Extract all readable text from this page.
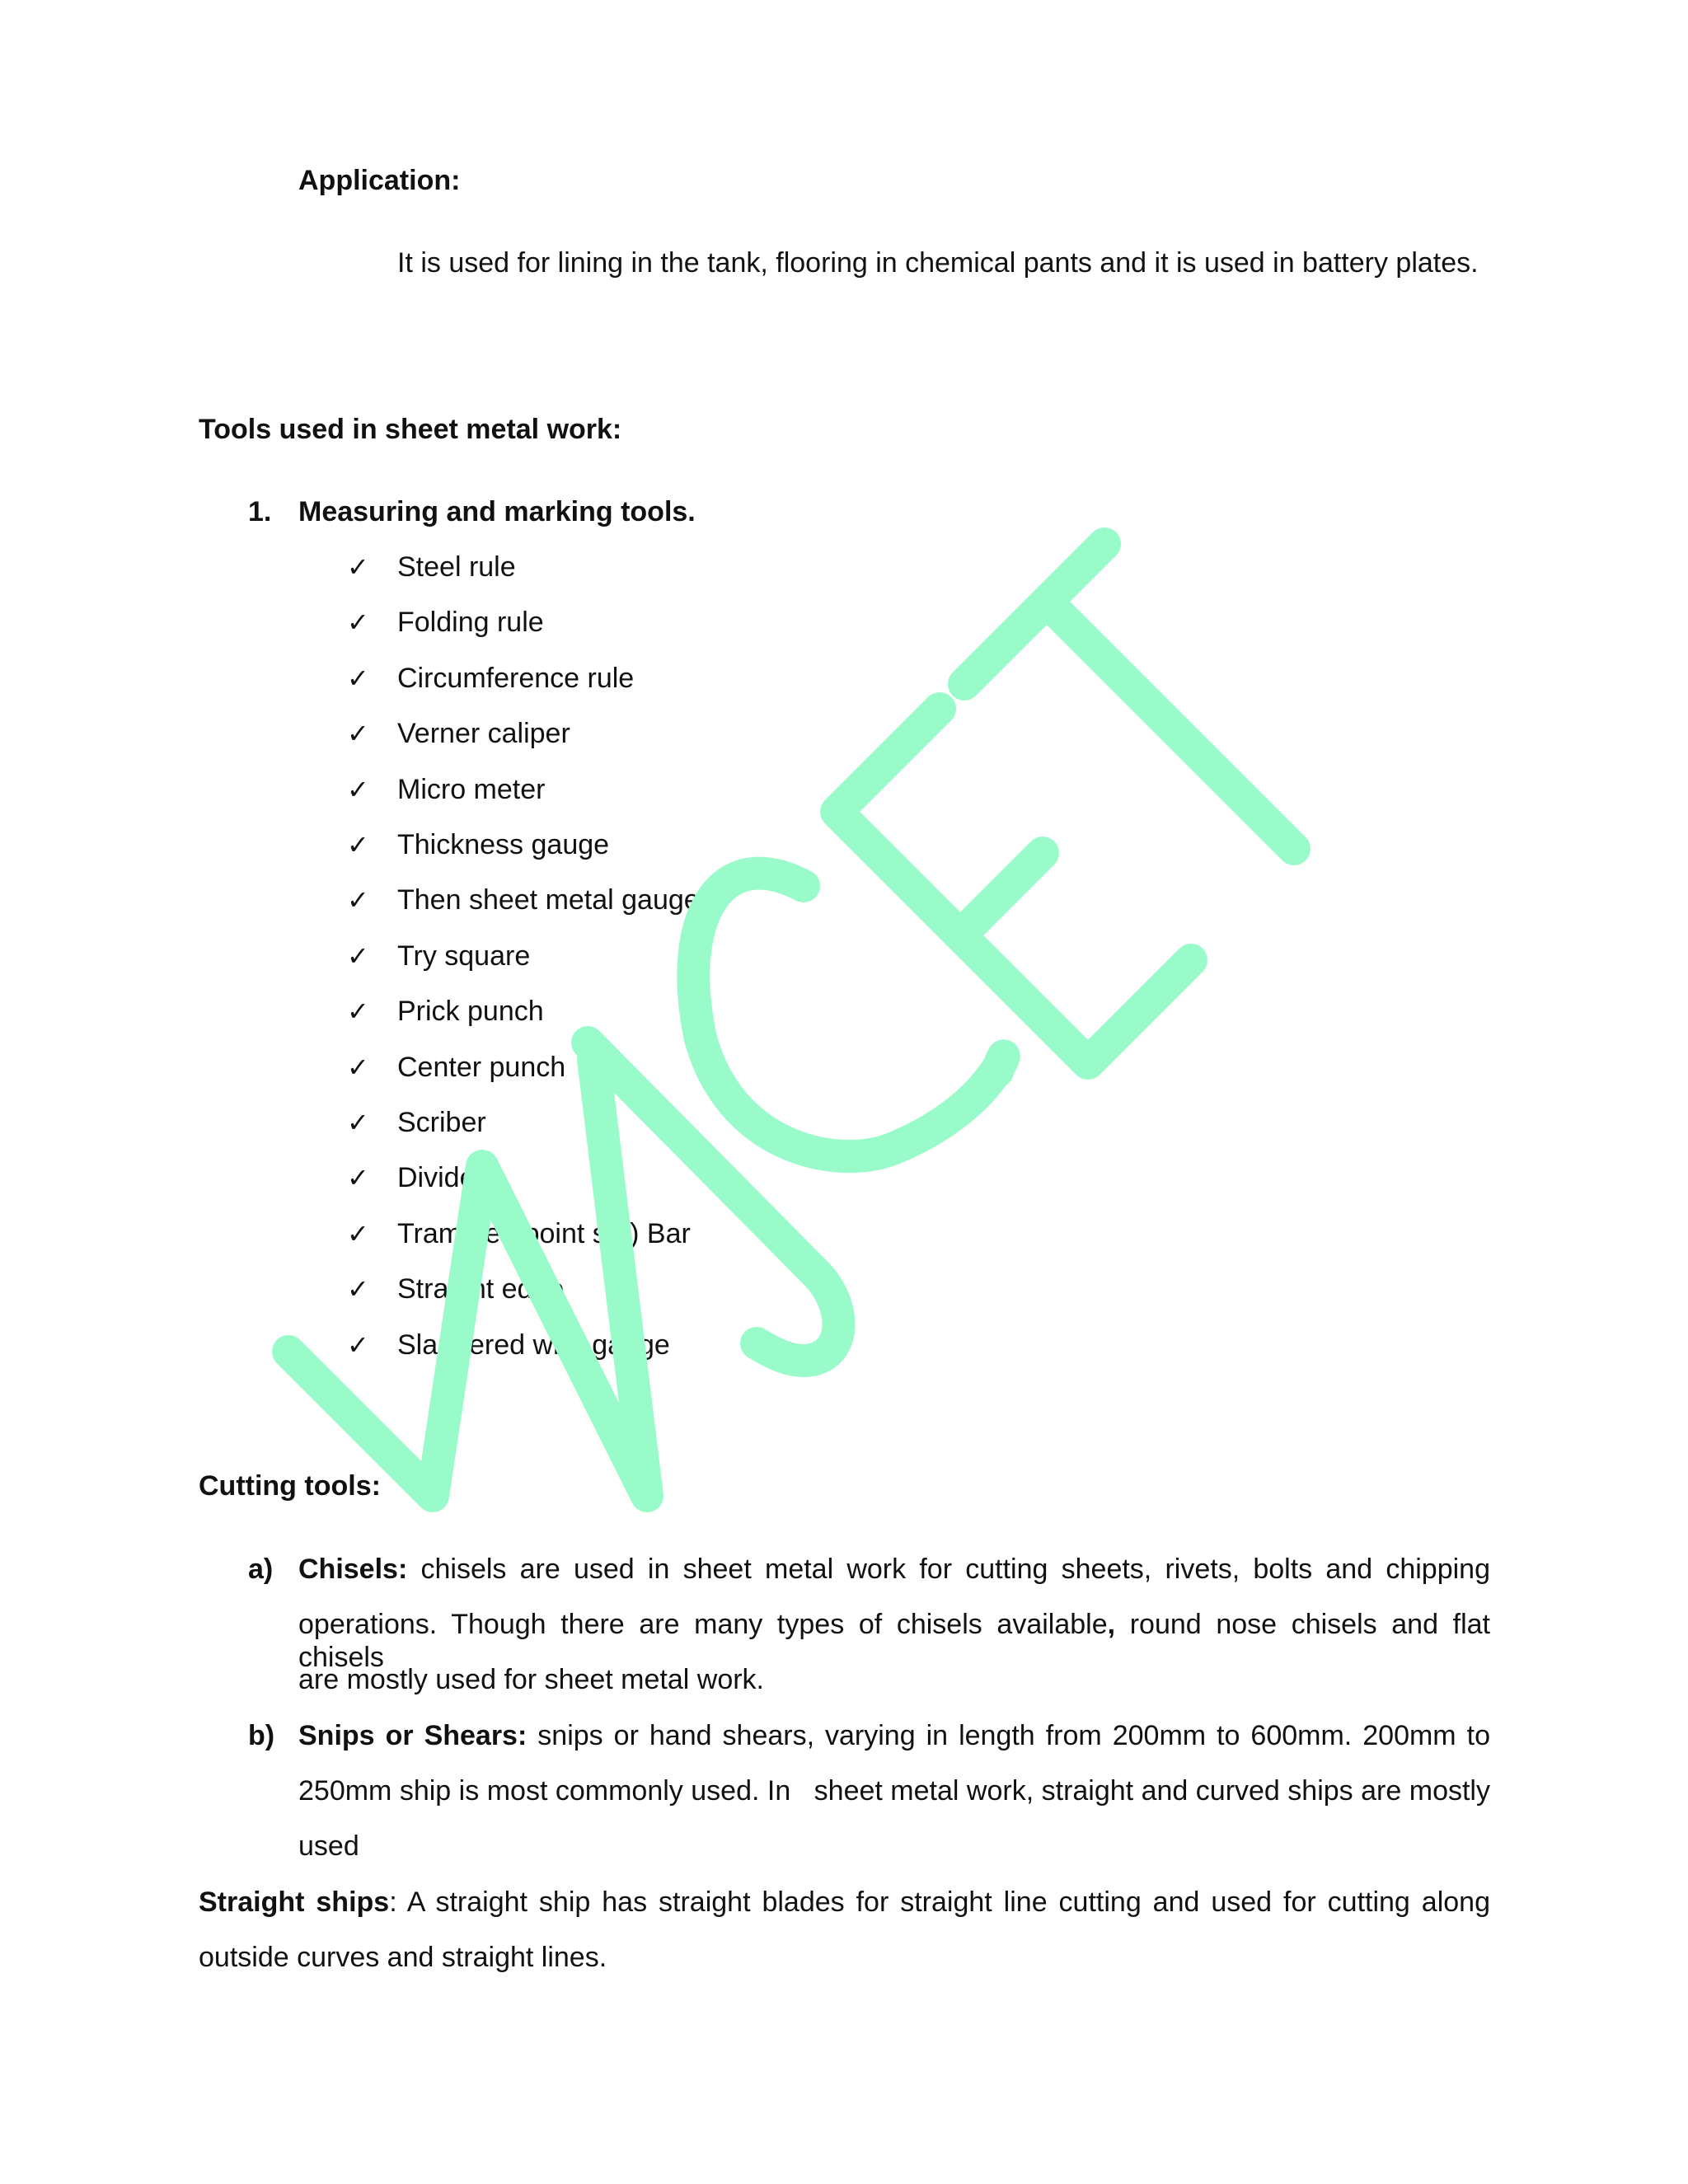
Application:
It is used for lining in the tank, flooring in chemical pants and it is used in battery plates.
Tools used in sheet metal work:
1. Measuring and marking tools.
✓ Steel rule
✓ Folding rule
✓ Circumference rule
✓ Verner caliper
✓ Micro meter
✓ Thickness gauge
✓ Then sheet metal gauge.
✓ Try square
✓ Prick punch
✓ Center punch
✓ Scriber
✓ Divider
✓ Trammel (point set) Bar
✓ Straight edge
✓ Slandered wire gauge
Cutting tools:
a) Chisels: chisels are used in sheet metal work for cutting sheets, rivets, bolts and chipping
operations. Though there are many types of chisels available, round nose chisels and flat chisels
are mostly used for sheet metal work.
b) Snips or Shears: snips or hand shears, varying in length from 200mm to 600mm. 200mm to
250mm ship is most commonly used. In   sheet metal work, straight and curved ships are mostly
used
Straight ships: A straight ship has straight blades for straight line cutting and used for cutting along
outside curves and straight lines.
